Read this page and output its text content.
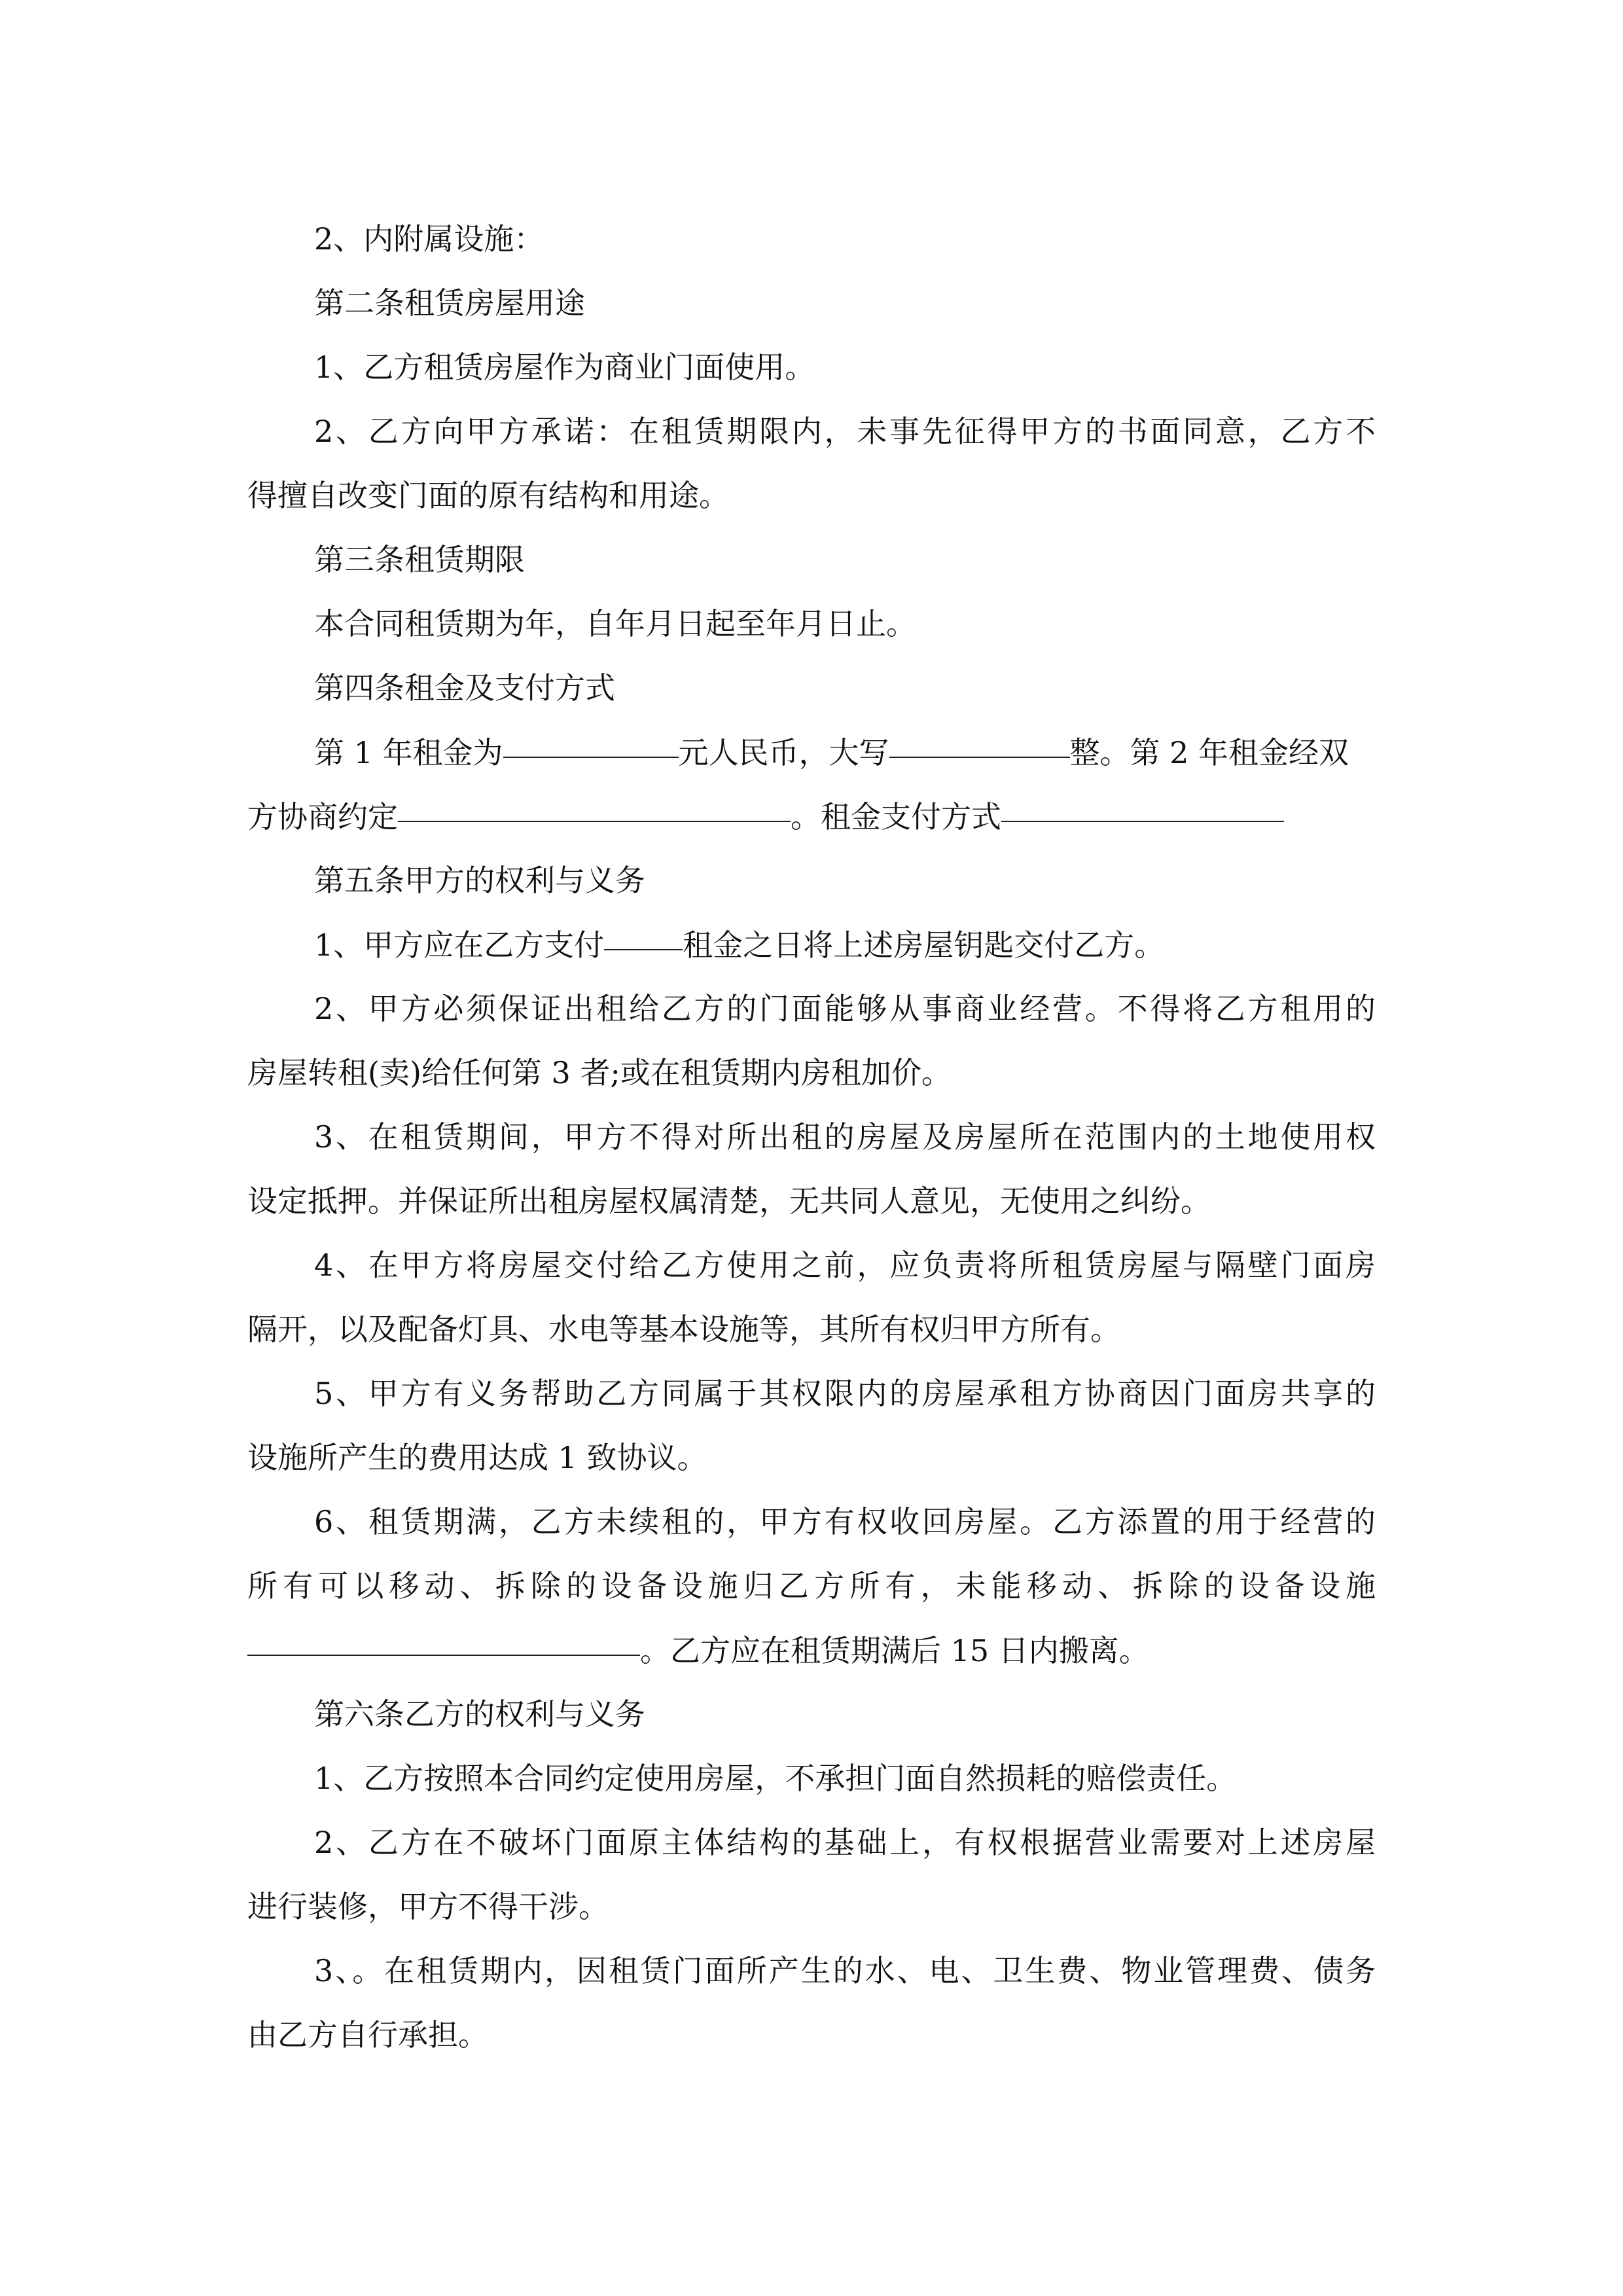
2、内附属设施：
第二条租赁房屋用途
1、乙方租赁房屋作为商业门面使用。
2、乙方向甲方承诺：在租赁期限内，未事先征得甲方的书面同意，乙方不
得擅自改变门面的原有结构和用途。
第三条租赁期限
本合同租赁期为年，自年月日起至年月日止。
第四条租金及支付方式
第 1 年租金为	元人民币，大写	整。第 2 年租金经双
方协商约定	。租金支付方式
第五条甲方的权利与义务
1、甲方应在乙方支付	租金之日将上述房屋钥匙交付乙方。
2、甲方必须保证出租给乙方的门面能够从事商业经营。不得将乙方租用的
房屋转租(卖)给任何第 3 者;或在租赁期内房租加价。
3、在租赁期间，甲方不得对所出租的房屋及房屋所在范围内的土地使用权
设定抵押。并保证所出租房屋权属清楚，无共同人意见，无使用之纠纷。
4、在甲方将房屋交付给乙方使用之前，应负责将所租赁房屋与隔壁门面房
隔开，以及配备灯具、水电等基本设施等，其所有权归甲方所有。
5、甲方有义务帮助乙方同属于其权限内的房屋承租方协商因门面房共享的
设施所产生的费用达成 1 致协议。
6、租赁期满，乙方未续租的，甲方有权收回房屋。乙方添置的用于经营的
所有可以移动、拆除的设备设施归乙方所有，未能移动、拆除的设备设施
。乙方应在租赁期满后 15 日内搬离。
第六条乙方的权利与义务
1、乙方按照本合同约定使用房屋，不承担门面自然损耗的赔偿责任。
2、乙方在不破坏门面原主体结构的基础上，有权根据营业需要对上述房屋
进行装修，甲方不得干涉。
3、。在租赁期内，因租赁门面所产生的水、电、卫生费、物业管理费、债务
由乙方自行承担。
